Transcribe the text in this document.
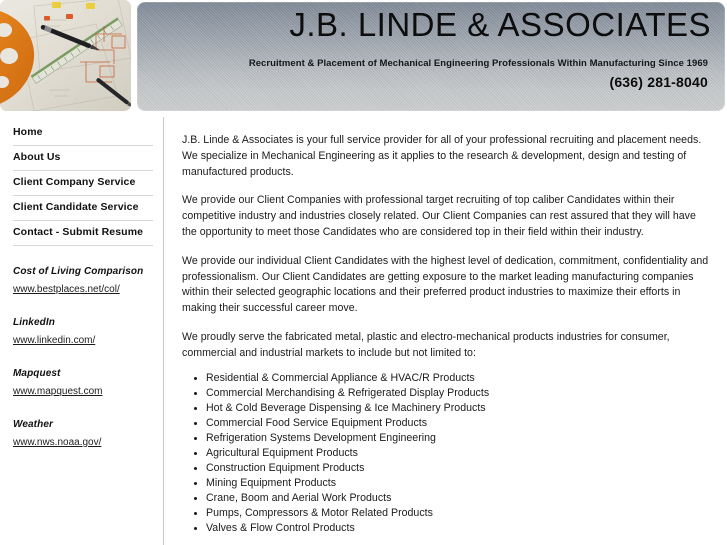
J.B. LINDE & ASSOCIATES
Recruitment & Placement of Mechanical Engineering Professionals Within Manufacturing Since 1969
(636) 281-8040
Home
About Us
Client Company Service
Client Candidate Service
Contact - Submit Resume
Cost of Living Comparison
www.bestplaces.net/col/
LinkedIn
www.linkedin.com/
Mapquest
www.mapquest.com
Weather
www.nws.noaa.gov/

J.B. Linde & Associates is your full service provider for all of your professional recruiting and placement needs. We specialize in Mechanical Engineering as it applies to the research & development, design and testing of manufactured products.

We provide our Client Companies with professional target recruiting of top caliber Candidates within their competitive industry and industries closely related. Our Client Companies can rest assured that they will have the opportunity to meet those Candidates who are considered top in their field within their industry.

We provide our individual Client Candidates with the highest level of dedication, commitment, confidentiality and professionalism. Our Client Candidates are getting exposure to the market leading manufacturing companies within their selected geographic locations and their preferred product industries to maximize their efforts in making their successful career move.

We proudly serve the fabricated metal, plastic and electro-mechanical products industries for consumer, commercial and industrial markets to include but not limited to:

• Residential & Commercial Appliance & HVAC/R Products
• Commercial Merchandising & Refrigerated Display Products
• Hot & Cold Beverage Dispensing & Ice Machinery Products
• Commercial Food Service Equipment Products
• Refrigeration Systems Development Engineering
• Agricultural Equipment Products
• Construction Equipment Products
• Mining Equipment Products
• Crane, Boom and Aerial Work Products
• Pumps, Compressors & Motor Related Products
• Valves & Flow Control Products
